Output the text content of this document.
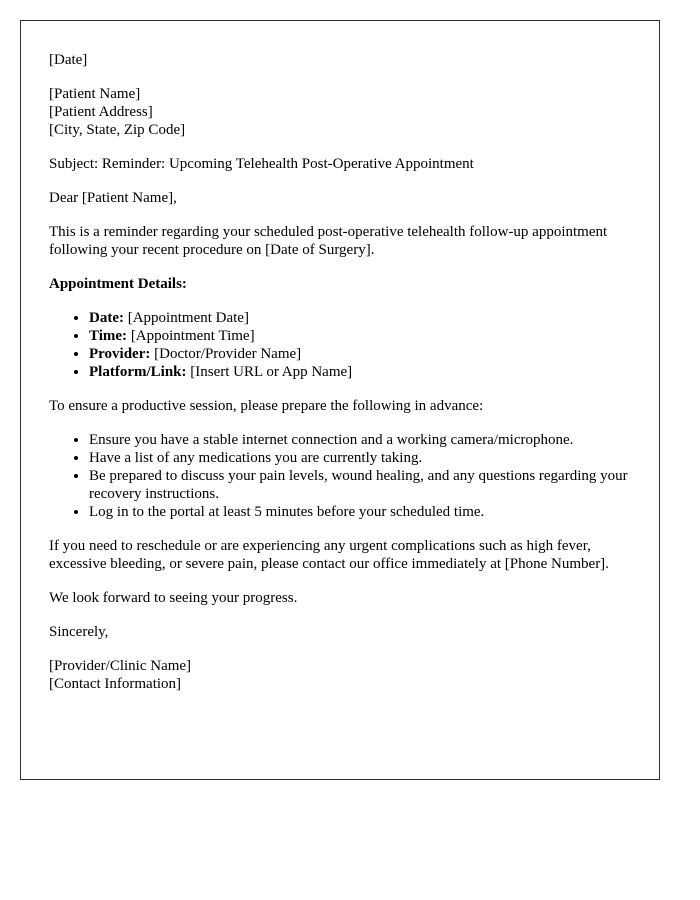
[Date]

[Patient Name]
[Patient Address]
[City, State, Zip Code]

Subject: Reminder: Upcoming Telehealth Post-Operative Appointment

Dear [Patient Name],

This is a reminder regarding your scheduled post-operative telehealth follow-up appointment following your recent procedure on [Date of Surgery].

Appointment Details:

• Date: [Appointment Date]
• Time: [Appointment Time]
• Provider: [Doctor/Provider Name]
• Platform/Link: [Insert URL or App Name]

To ensure a productive session, please prepare the following in advance:

• Ensure you have a stable internet connection and a working camera/microphone.
• Have a list of any medications you are currently taking.
• Be prepared to discuss your pain levels, wound healing, and any questions regarding your recovery instructions.
• Log in to the portal at least 5 minutes before your scheduled time.

If you need to reschedule or are experiencing any urgent complications such as high fever, excessive bleeding, or severe pain, please contact our office immediately at [Phone Number].

We look forward to seeing your progress.

Sincerely,

[Provider/Clinic Name]
[Contact Information]
